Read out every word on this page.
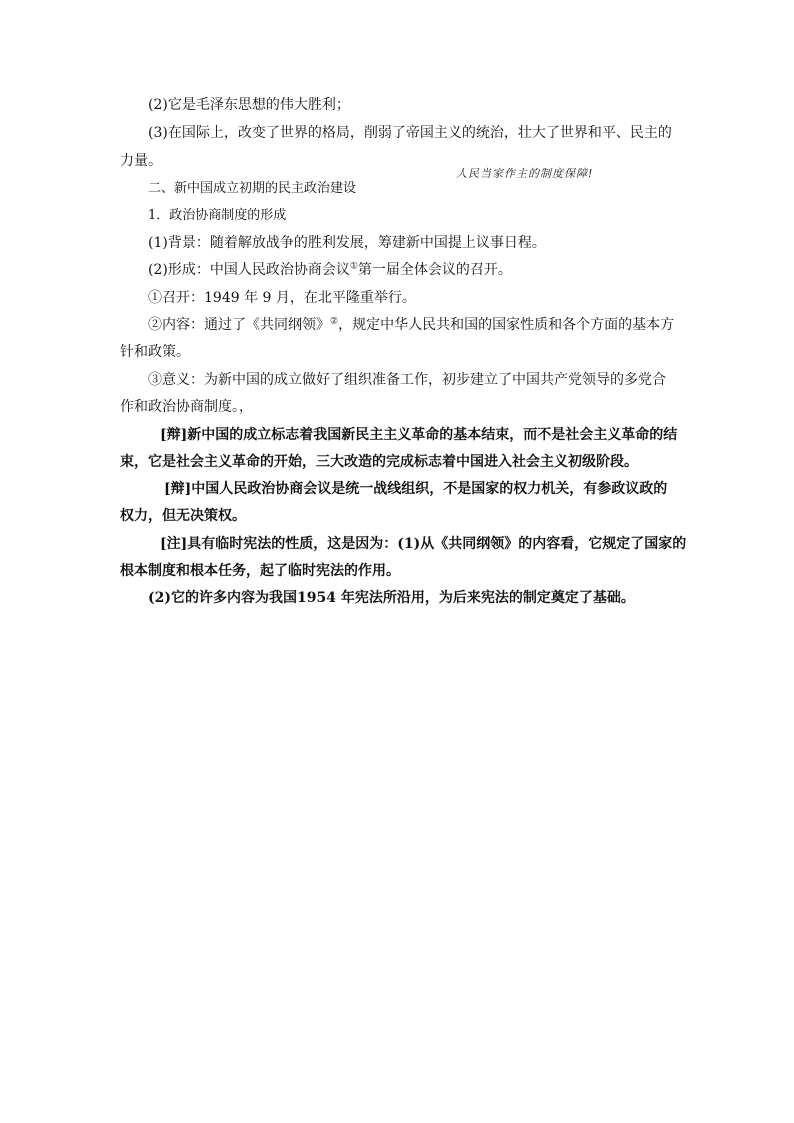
(2)它是毛泽东思想的伟大胜利；
(3)在国际上，改变了世界的格局，削弱了帝国主义的统治，壮大了世界和平、民主的
力量。
二、新中国成立初期的民主政治建设
人民当家作主的制度保障!
1．政治协商制度的形成
(1)背景：随着解放战争的胜利发展，筹建新中国提上议事日程。
(2)形成：中国人民政治协商会议①第一届全体会议的召开。
①召开：1949 年 9 月，在北平隆重举行。
②内容：通过了《共同纲领》②，规定中华人民共和国的国家性质和各个方面的基本方
针和政策。
③意义：为新中国的成立做好了组织准备工作，初步建立了中国共产党领导的多党合
作和政治协商制度。，
[辩]新中国的成立标志着我国新民主主义革命的基本结束，而不是社会主义革命的结
束，它是社会主义革命的开始，三大改造的完成标志着中国进入社会主义初级阶段。
[辩]中国人民政治协商会议是统一战线组织，不是国家的权力机关，有参政议政的
权力，但无决策权。
[注]具有临时宪法的性质，这是因为：(1)从《共同纲领》的内容看，它规定了国家的
根本制度和根本任务，起了临时宪法的作用。
(2)它的许多内容为我国1954 年宪法所沿用，为后来宪法的制定奠定了基础。
